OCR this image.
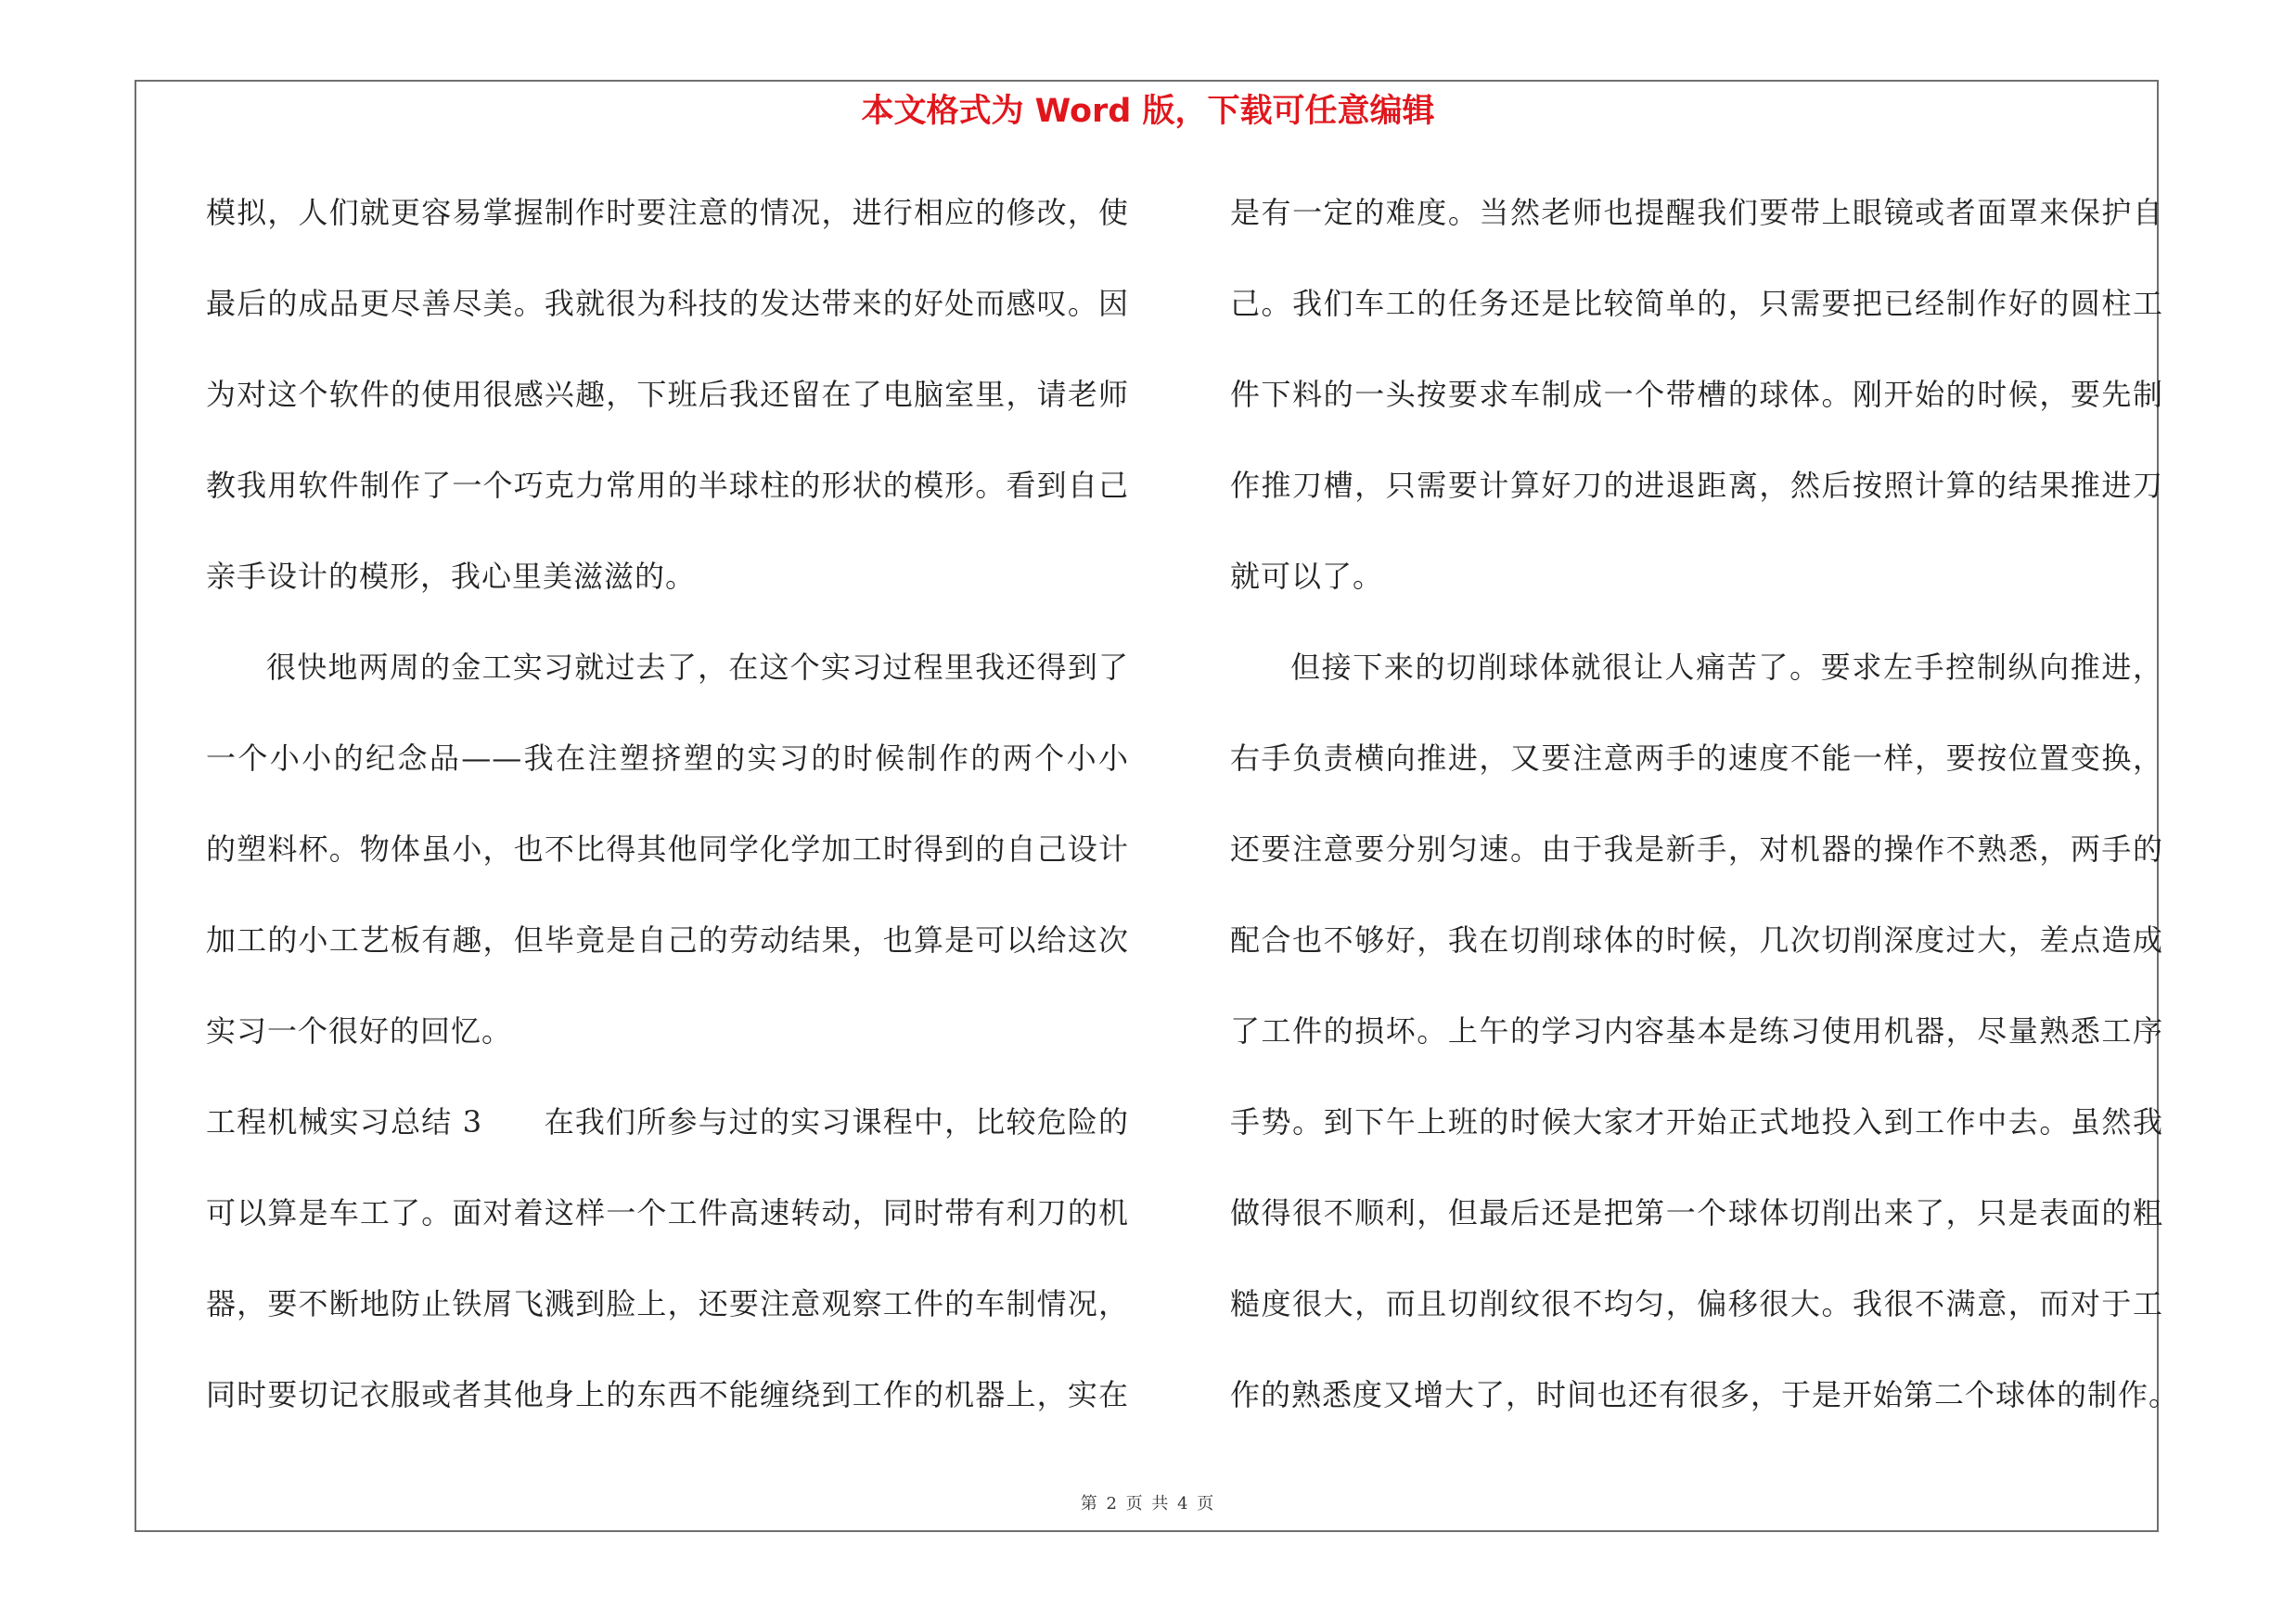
本文格式为 Word 版，下载可任意编辑
模拟，人们就更容易掌握制作时要注意的情况，进行相应的修改，使
最后的成品更尽善尽美。我就很为科技的发达带来的好处而感叹。因
为对这个软件的使用很感兴趣，下班后我还留在了电脑室里，请老师
教我用软件制作了一个巧克力常用的半球柱的形状的模形。看到自己
亲手设计的模形，我心里美滋滋的。
很快地两周的金工实习就过去了，在这个实习过程里我还得到了
一个小小的纪念品——我在注塑挤塑的实习的时候制作的两个小小
的塑料杯。物体虽小，也不比得其他同学化学加工时得到的自己设计
加工的小工艺板有趣，但毕竟是自己的劳动结果，也算是可以给这次
实习一个很好的回忆。
工程机械实习总结 3　　在我们所参与过的实习课程中，比较危险的
可以算是车工了。面对着这样一个工件高速转动，同时带有利刀的机
器，要不断地防止铁屑飞溅到脸上，还要注意观察工件的车制情况，
同时要切记衣服或者其他身上的东西不能缠绕到工作的机器上，实在
是有一定的难度。当然老师也提醒我们要带上眼镜或者面罩来保护自
己。我们车工的任务还是比较简单的，只需要把已经制作好的圆柱工
件下料的一头按要求车制成一个带槽的球体。刚开始的时候，要先制
作推刀槽，只需要计算好刀的进退距离，然后按照计算的结果推进刀
就可以了。
但接下来的切削球体就很让人痛苦了。要求左手控制纵向推进，
右手负责横向推进，又要注意两手的速度不能一样，要按位置变换，
还要注意要分别匀速。由于我是新手，对机器的操作不熟悉，两手的
配合也不够好，我在切削球体的时候，几次切削深度过大，差点造成
了工件的损坏。上午的学习内容基本是练习使用机器，尽量熟悉工序
手势。到下午上班的时候大家才开始正式地投入到工作中去。虽然我
做得很不顺利，但最后还是把第一个球体切削出来了，只是表面的粗
糙度很大，而且切削纹很不均匀，偏移很大。我很不满意，而对于工
作的熟悉度又增大了，时间也还有很多，于是开始第二个球体的制作。
第 2 页 共 4 页
